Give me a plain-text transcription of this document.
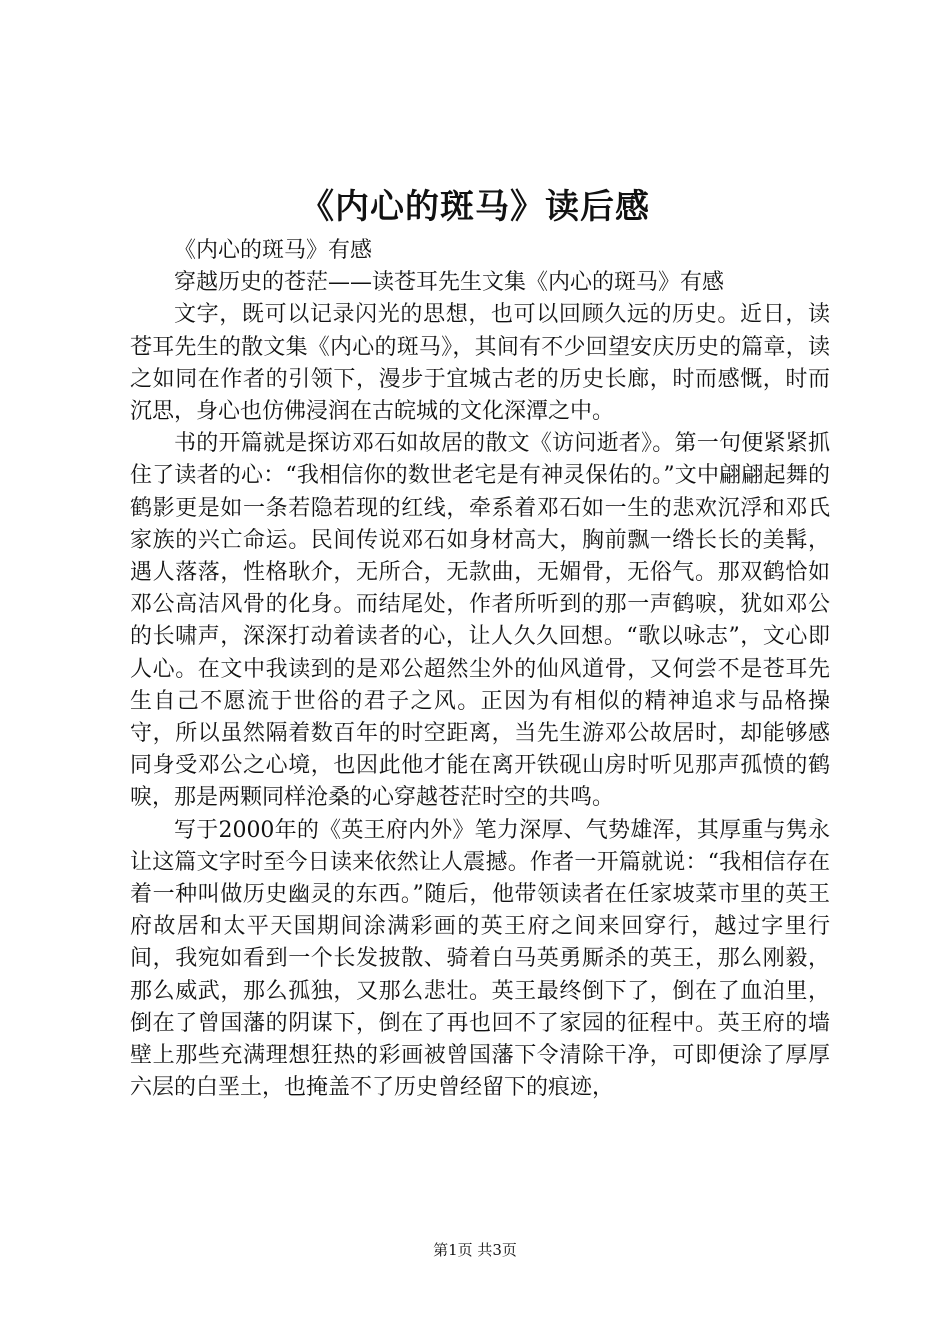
《内心的斑马》读后感

《内心的斑马》有感

穿越历史的苍茫——读苍耳先生文集《内心的斑马》有感

文字，既可以记录闪光的思想，也可以回顾久远的历史。近日，读苍耳先生的散文集《内心的斑马》，其间有不少回望安庆历史的篇章，读之如同在作者的引领下，漫步于宜城古老的历史长廊，时而感慨，时而沉思，身心也仿佛浸润在古皖城的文化深潭之中。

书的开篇就是探访邓石如故居的散文《访问逝者》。第一句便紧紧抓住了读者的心：“我相信你的数世老宅是有神灵保佑的。”文中翩翩起舞的鹤影更是如一条若隐若现的红线，牵系着邓石如一生的悲欢沉浮和邓氏家族的兴亡命运。民间传说邓石如身材高大，胸前飘一绺长长的美髯，遇人落落，性格耿介，无所合，无款曲，无媚骨，无俗气。那双鹤恰如邓公高洁风骨的化身。而结尾处，作者所听到的那一声鹤唳，犹如邓公的长啸声，深深打动着读者的心，让人久久回想。“歌以咏志”，文心即人心。在文中我读到的是邓公超然尘外的仙风道骨，又何尝不是苍耳先生自己不愿流于世俗的君子之风。正因为有相似的精神追求与品格操守，所以虽然隔着数百年的时空距离，当先生游邓公故居时，却能够感同身受邓公之心境，也因此他才能在离开铁砚山房时听见那声孤愤的鹤唳，那是两颗同样沧桑的心穿越苍茫时空的共鸣。

写于2000年的《英王府内外》笔力深厚、气势雄浑，其厚重与隽永让这篇文字时至今日读来依然让人震撼。作者一开篇就说：“我相信存在着一种叫做历史幽灵的东西。”随后，他带领读者在任家坡菜市里的英王府故居和太平天国期间涂满彩画的英王府之间来回穿行，越过字里行间，我宛如看到一个长发披散、骑着白马英勇厮杀的英王，那么刚毅，那么威武，那么孤独，又那么悲壮。英王最终倒下了，倒在了血泊里，倒在了曾国藩的阴谋下，倒在了再也回不了家园的征程中。英王府的墙壁上那些充满理想狂热的彩画被曾国藩下令清除干净，可即便涂了厚厚六层的白垩土，也掩盖不了历史曾经留下的痕迹，

第1页 共3页
